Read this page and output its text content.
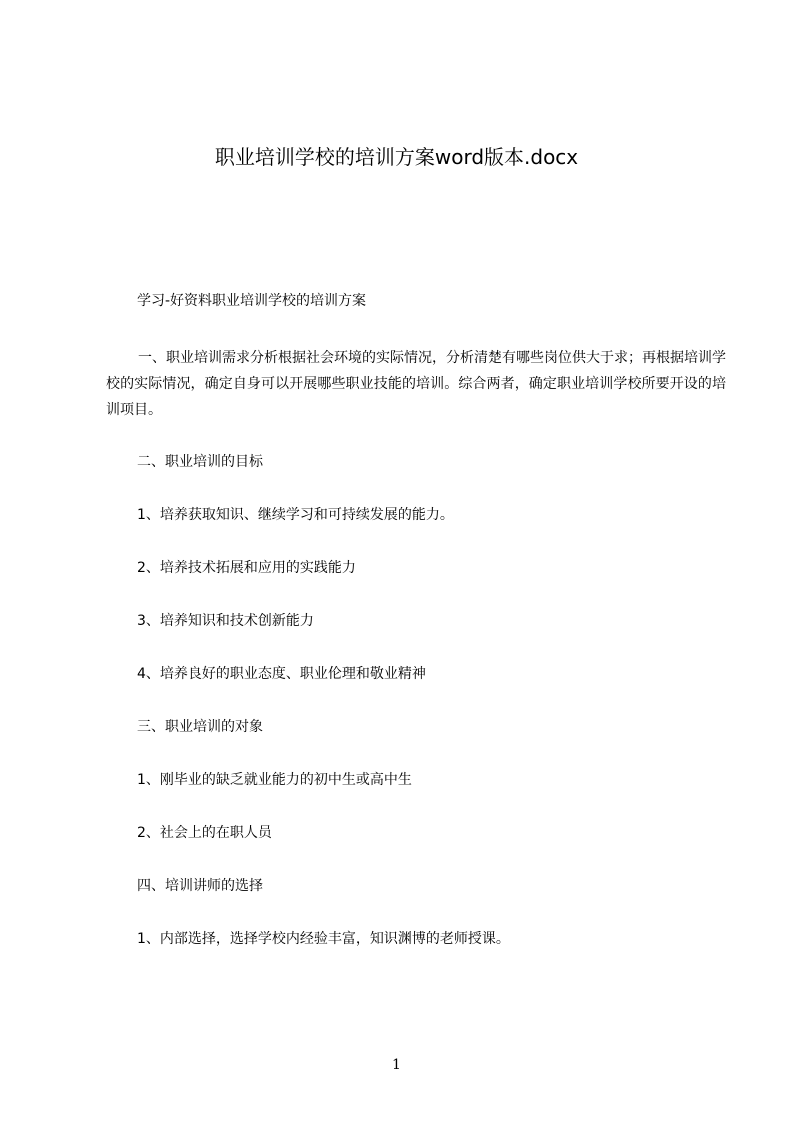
职业培训学校的培训方案word版本.docx
学习-好资料职业培训学校的培训方案
一、职业培训需求分析根据社会环境的实际情况，分析清楚有哪些岗位供大于求；再根据培训学校的实际情况，确定自身可以开展哪些职业技能的培训。综合两者，确定职业培训学校所要开设的培训项目。
二、职业培训的目标
1、培养获取知识、继续学习和可持续发展的能力。
2、培养技术拓展和应用的实践能力
3、培养知识和技术创新能力
4、培养良好的职业态度、职业伦理和敬业精神
三、职业培训的对象
1、刚毕业的缺乏就业能力的初中生或高中生
2、社会上的在职人员
四、培训讲师的选择
1、内部选择，选择学校内经验丰富，知识渊博的老师授课。
1
